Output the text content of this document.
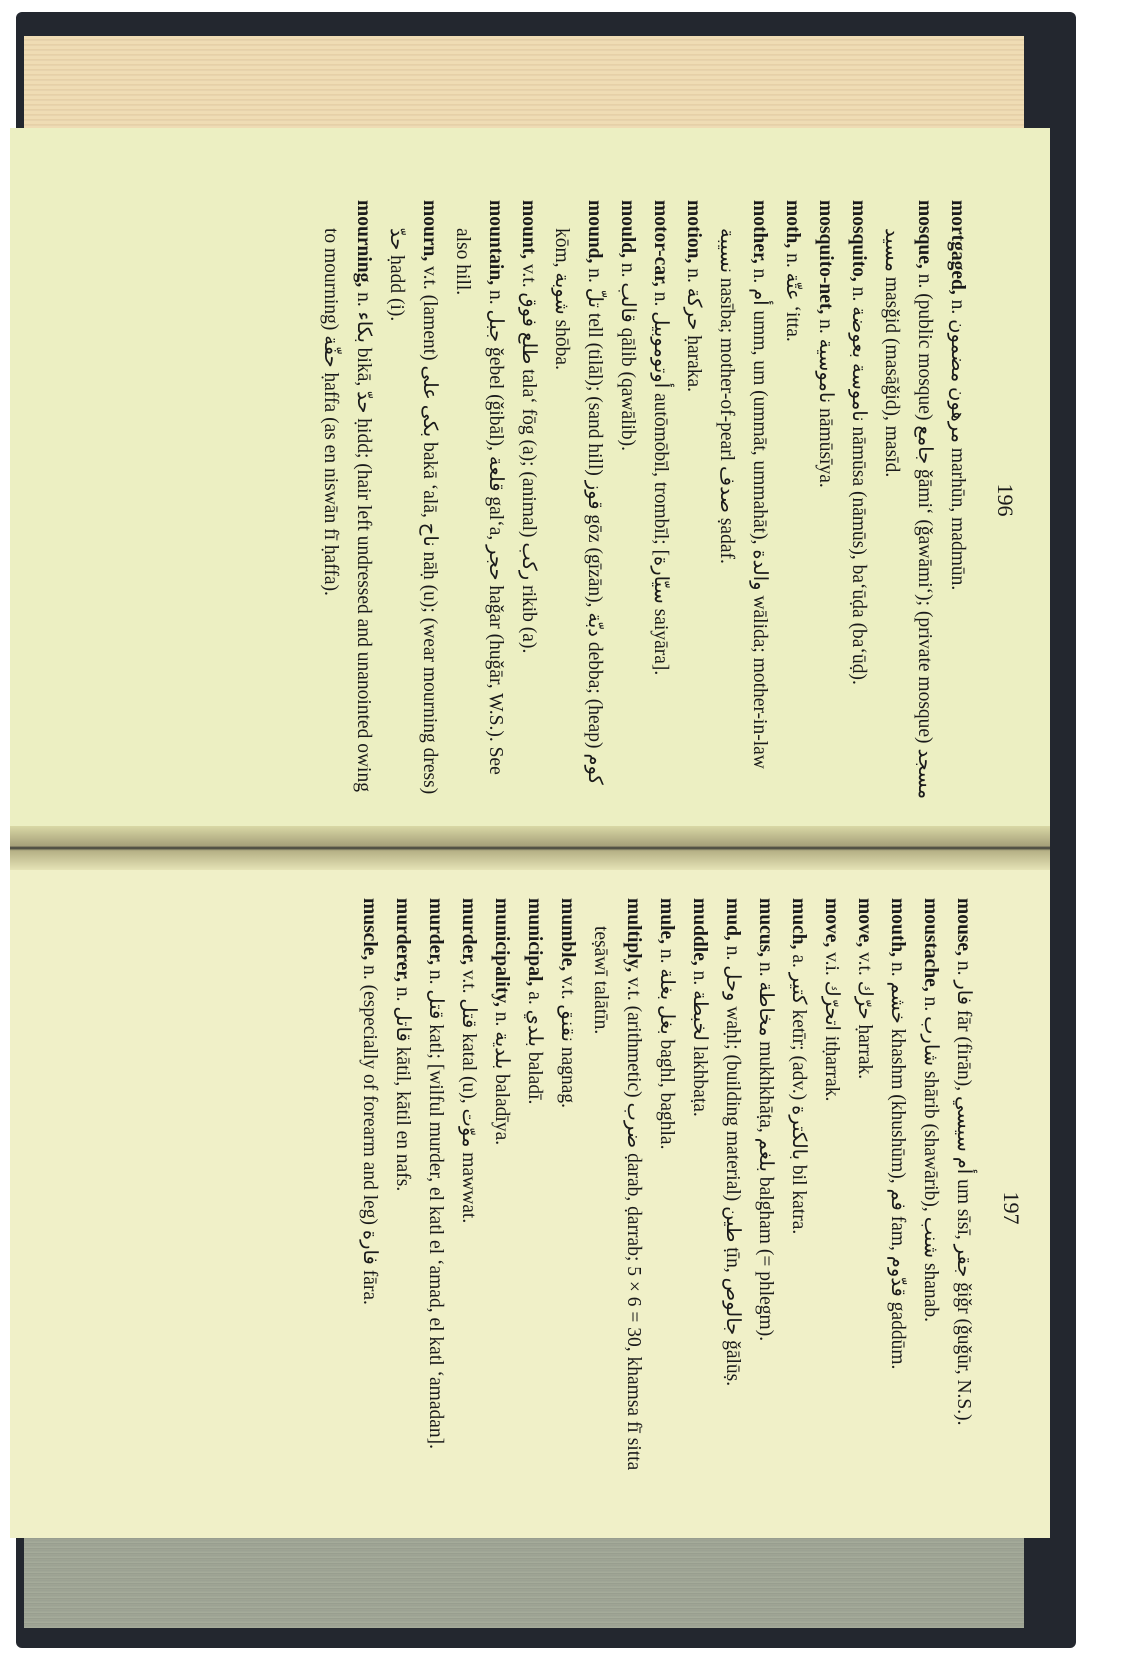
196

mortgaged, n. مرهون مضمون marhūn, madmūn.

mosque, n. (public mosque) جامع ǧāmiʻ (ǧawāmiʻ); (private mosque) مسجد مسيد masǧid (masāǧid), masīd.

mosquito, n. ناموسة بعوضة nāmūsa (nāmūs), baʻūḍa (baʻūḍ).

mosquito-net, n. ناموسية nāmūsīya.

moth, n. عتّة ʻitta.

mother, n. أم umm, um (ummāt, ummahāt), والدة wālida; mother-in-law نسيبة nasība; mother-of-pearl صدف ṣadaf.

motion, n. حركة ḥaraka.

motor-car, n. أوتوموبيل autōmōbīl, trombīl; [سيّارة saiyāra].

mould, n. قالب qālib (qawālib).

mound, n. تلّ tell (tilāl); (sand hill) قوز gōz (gīzān), دبّة debba; (heap) كوم kōm, شوبة shōba.

mount, v.t. طلع فوق talaʻ fōg (a); (animal) ركب rikib (a).

mountain, n. جبل ǧebel (ǧibāl), قلعة galʻa, حجر haǧar (huǧār, W.S.). See also hill.

mourn, v.t. (lament) بكى على bakā ʻalā, ناح nāḥ (u); (wear mourning dress) حدّ ḥadd (i).

mourning, n. بكاء bikā, حدّ ḥidd; (hair left undressed and unanointed owing to mourning) حفّة ḥaffa (as en niswān fī ḥaffa).

197

mouse, n. فار fār (firān), أم سيسي um sīsī, جقر ǧiǧr (ǧuǧūr, N.S.).

moustache, n. شارب shārib (shawārib), شنب shanab.

mouth, n. خشم khashm (khushūm), فم fam, قدّوم gaddūm.

move, v.t. حرّك ḥarrak.

move, v.i. اتحرّك itḥarrak.

much, a. كتير ketīr; (adv.) بالكترة bil katra.

mucus, n. مخاطة mukhkhāṭa, بلغم balgham (= phlegm).

mud, n. وحل waḥl; (building material) طين ṭīn, جالوص ǧālūṣ.

muddle, n. لخبطة lakhbaṭa.

mule, n. بغل بغلة baghl, baghla.

multiply, v.t. (arithmetic) ضرب ḍarab, ḍarrab; 5 × 6 = 30, khamsa fī sitta teṣāwī talātīn.

mumble, v.t. نقنق nagnag.

municipal, a. بلدي baladī.

municipality, n. بلدية baladīya.

murder, v.t. قتل katal (u), موّت mawwat.

murder, n. قتل katl; [wilful murder, el katl el ʻamad, el katl ʻamadan].

murderer, n. قاتل kātil, kātil en nafs.

muscle, n. (especially of forearm and leg) فارة fāra.
